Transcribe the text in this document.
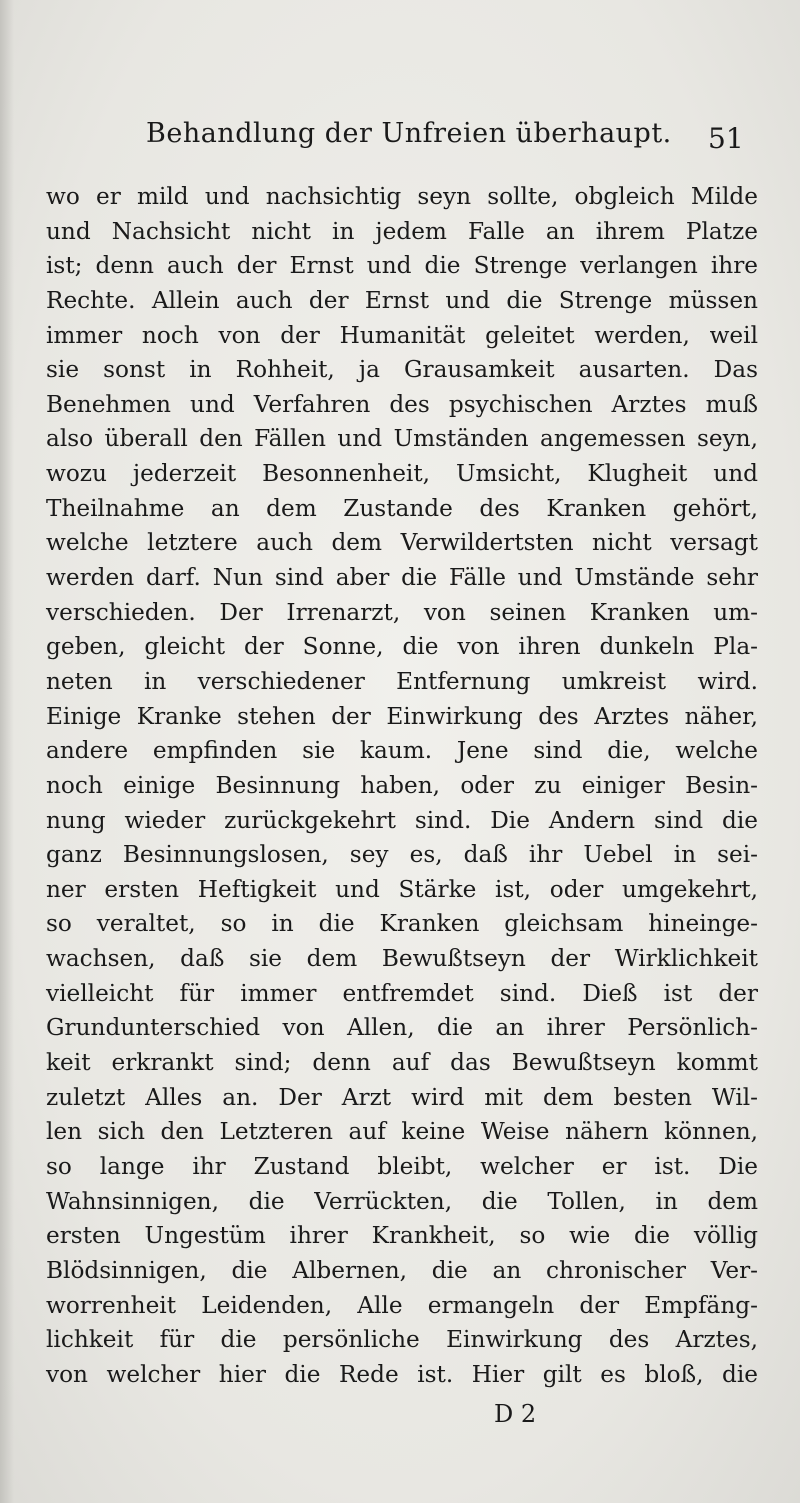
Behandlung der Unfreien überhaupt. 51
wo er mild und nachsichtig seyn sollte, obgleich Milde
und Nachsicht nicht in jedem Falle an ihrem Platze
ist; denn auch der Ernst und die Strenge verlangen ihre
Rechte. Allein auch der Ernst und die Strenge müssen
immer noch von der Humanität geleitet werden, weil
sie sonst in Rohheit, ja Grausamkeit ausarten. Das
Benehmen und Verfahren des psychischen Arztes muß
also überall den Fällen und Umständen angemessen seyn,
wozu jederzeit Besonnenheit, Umsicht, Klugheit und
Theilnahme an dem Zustande des Kranken gehört,
welche letztere auch dem Verwildertsten nicht versagt
werden darf. Nun sind aber die Fälle und Umstände sehr
verschieden. Der Irrenarzt, von seinen Kranken um-
geben, gleicht der Sonne, die von ihren dunkeln Pla-
neten in verschiedener Entfernung umkreist wird.
Einige Kranke stehen der Einwirkung des Arztes näher,
andere empfinden sie kaum. Jene sind die, welche
noch einige Besinnung haben, oder zu einiger Besin-
nung wieder zurückgekehrt sind. Die Andern sind die
ganz Besinnungslosen, sey es, daß ihr Uebel in sei-
ner ersten Heftigkeit und Stärke ist, oder umgekehrt,
so veraltet, so in die Kranken gleichsam hineinge-
wachsen, daß sie dem Bewußtseyn der Wirklichkeit
vielleicht für immer entfremdet sind. Dieß ist der
Grundunterschied von Allen, die an ihrer Persönlich-
keit erkrankt sind; denn auf das Bewußtseyn kommt
zuletzt Alles an. Der Arzt wird mit dem besten Wil-
len sich den Letzteren auf keine Weise nähern können,
so lange ihr Zustand bleibt, welcher er ist. Die
Wahnsinnigen, die Verrückten, die Tollen, in dem
ersten Ungestüm ihrer Krankheit, so wie die völlig
Blödsinnigen, die Albernen, die an chronischer Ver-
worrenheit Leidenden, Alle ermangeln der Empfäng-
lichkeit für die persönliche Einwirkung des Arztes,
von welcher hier die Rede ist. Hier gilt es bloß, die
D 2
